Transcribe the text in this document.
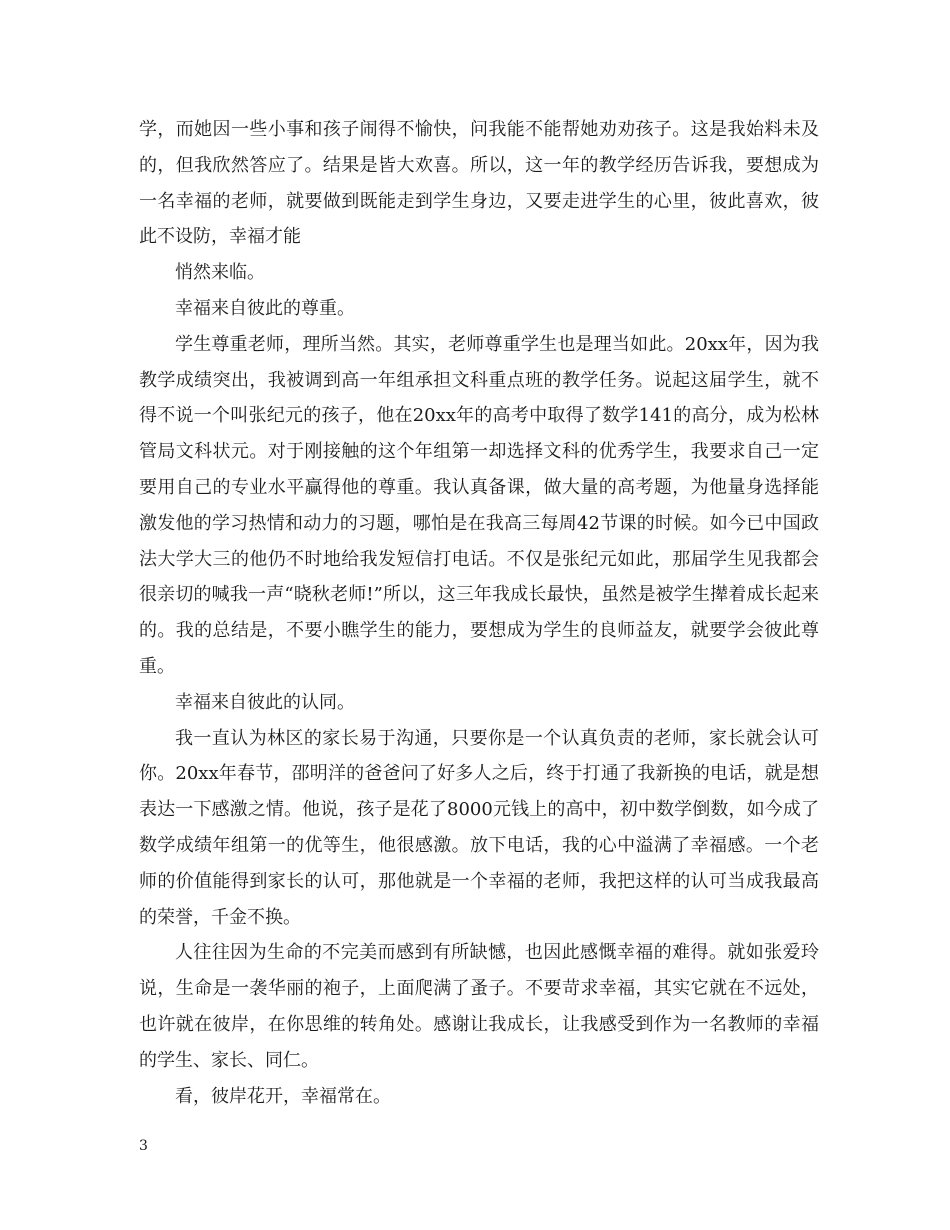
学，而她因一些小事和孩子闹得不愉快，问我能不能帮她劝劝孩子。这是我始料未及的，但我欣然答应了。结果是皆大欢喜。所以，这一年的教学经历告诉我，要想成为一名幸福的老师，就要做到既能走到学生身边，又要走进学生的心里，彼此喜欢，彼此不设防，幸福才能

悄然来临。

幸福来自彼此的尊重。

学生尊重老师，理所当然。其实，老师尊重学生也是理当如此。20xx年，因为我教学成绩突出，我被调到高一年组承担文科重点班的教学任务。说起这届学生，就不得不说一个叫张纪元的孩子，他在20xx年的高考中取得了数学141的高分，成为松林管局文科状元。对于刚接触的这个年组第一却选择文科的优秀学生，我要求自己一定要用自己的专业水平赢得他的尊重。我认真备课，做大量的高考题，为他量身选择能激发他的学习热情和动力的习题，哪怕是在我高三每周42节课的时候。如今已中国政法大学大三的他仍不时地给我发短信打电话。不仅是张纪元如此，那届学生见我都会很亲切的喊我一声“晓秋老师!”所以，这三年我成长最快，虽然是被学生撵着成长起来的。我的总结是，不要小瞧学生的能力，要想成为学生的良师益友，就要学会彼此尊重。

幸福来自彼此的认同。

我一直认为林区的家长易于沟通，只要你是一个认真负责的老师，家长就会认可你。20xx年春节，邵明洋的爸爸问了好多人之后，终于打通了我新换的电话，就是想表达一下感激之情。他说，孩子是花了8000元钱上的高中，初中数学倒数，如今成了数学成绩年组第一的优等生，他很感激。放下电话，我的心中溢满了幸福感。一个老师的价值能得到家长的认可，那他就是一个幸福的老师，我把这样的认可当成我最高的荣誉，千金不换。

人往往因为生命的不完美而感到有所缺憾，也因此感慨幸福的难得。就如张爱玲说，生命是一袭华丽的袍子，上面爬满了蚤子。不要苛求幸福，其实它就在不远处，也许就在彼岸，在你思维的转角处。感谢让我成长，让我感受到作为一名教师的幸福的学生、家长、同仁。

看，彼岸花开，幸福常在。

3
